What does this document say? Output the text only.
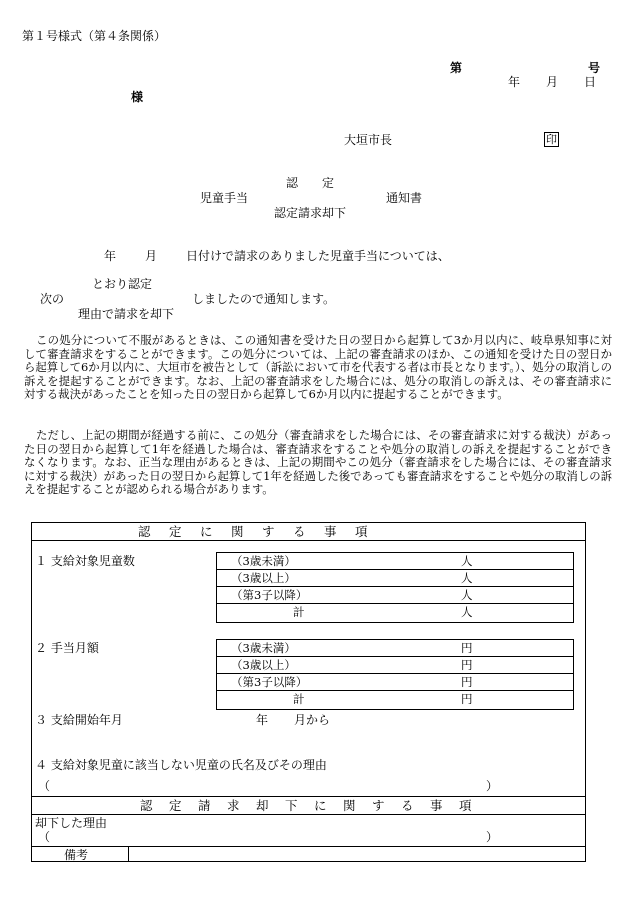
第１号様式（第４条関係）
第	号
年 月 日
様
大垣市長	印
認　　定
児童手当	通知書
認定請求却下
年 月 日付けで請求のありました児童手当については、
とおり認定
次の	しましたので通知します。
理由で請求を却下
この処分について不服があるときは、この通知書を受けた日の翌日から起算して3か月以内に、岐阜県知事に対して審査請求をすることができます。この処分については、上記の審査請求のほか、この通知を受けた日の翌日から起算して6か月以内に、大垣市を被告として（訴訟において市を代表する者は市長となります。）、処分の取消しの訴えを提起することができます。なお、上記の審査請求をした場合には、処分の取消しの訴えは、その審査請求に対する裁決があったことを知った日の翌日から起算して6か月以内に提起することができます。
ただし、上記の期間が経過する前に、この処分（審査請求をした場合には、その審査請求に対する裁決）があった日の翌日から起算して1年を経過した場合は、審査請求をすることや処分の取消しの訴えを提起することができなくなります。なお、正当な理由があるときは、上記の期間やこの処分（審査請求をした場合には、その審査請求に対する裁決）があった日の翌日から起算して1年を経過した後であっても審査請求をすることや処分の取消しの訴えを提起することが認められる場合があります。
認　定　に　関　す　る　事　項
１ 支給対象児童数	（3歳未満）	人
（3歳以上）	人
（第3子以降）	人
計	人
２ 手当月額	（3歳未満）	円
（3歳以上）	円
（第3子以降）	円
計	円
３ 支給開始年月	年 月から
４ 支給対象児童に該当しない児童の氏名及びその理由
（	）
認　定　請　求　却　下　に　関　す　る　事　項
却下した理由
（	）
備考
